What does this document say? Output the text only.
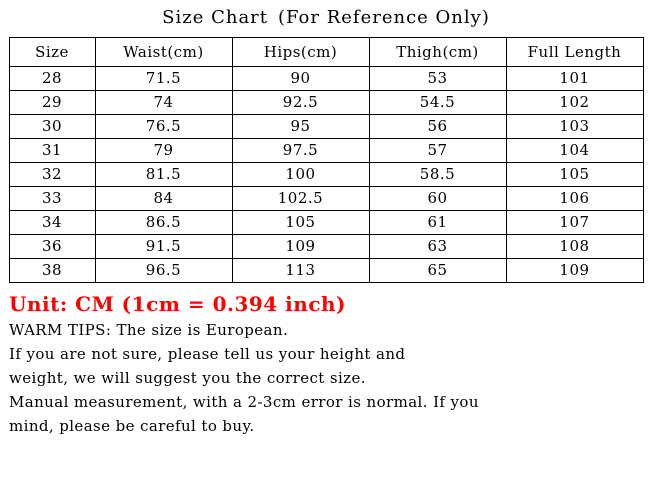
Size Chart (For Reference Only)
Size	Waist(cm)	Hips(cm)	Thigh(cm)	Full Length
28	71.5	90	53	101
29	74	92.5	54.5	102
30	76.5	95	56	103
31	79	97.5	57	104
32	81.5	100	58.5	105
33	84	102.5	60	106
34	86.5	105	61	107
36	91.5	109	63	108
38	96.5	113	65	109
Unit: CM (1cm = 0.394 inch)

WARM TIPS: The size is European.

If you are not sure, please tell us your height and

weight, we will suggest you the correct size.

Manual measurement, with a 2-3cm error is normal. If you

mind, please be careful to buy.
